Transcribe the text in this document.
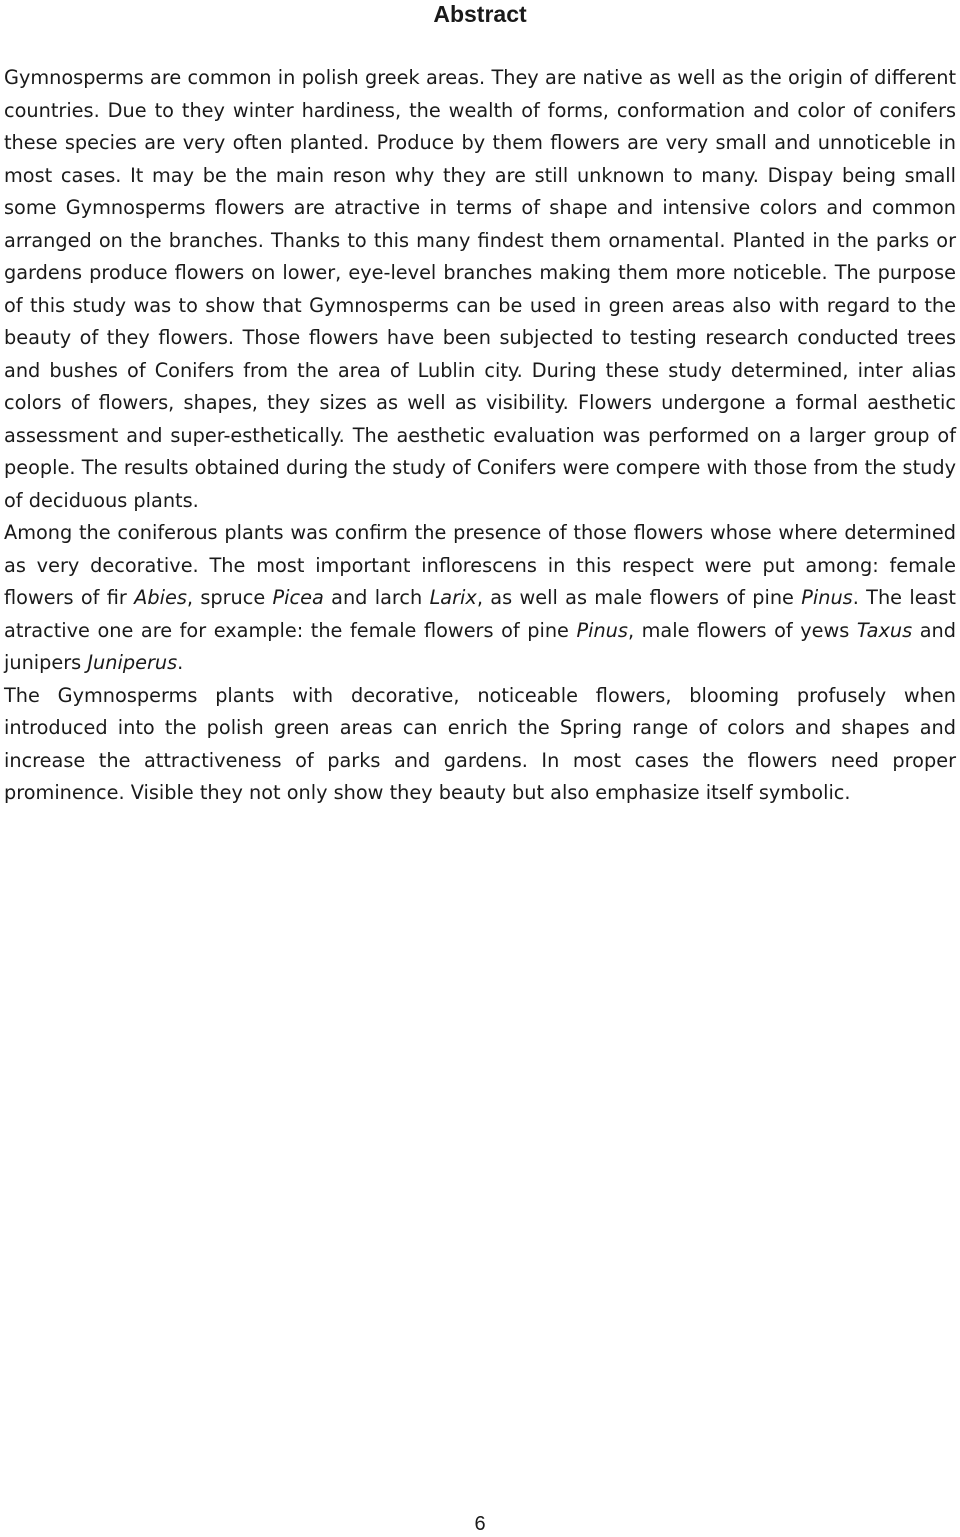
Abstract

Gymnosperms are common in polish greek areas. They are native as well as the origin of different countries. Due to they winter hardiness, the wealth of forms, conformation and color of conifers these species are very often planted. Produce by them flowers are very small and unnoticeble in most cases. It may be the main reson why they are still unknown to many. Dispay being small some Gymnosperms flowers are atractive in terms of shape and intensive colors and common arranged on the branches. Thanks to this many findest them ornamental. Planted in the parks or gardens produce flowers on lower, eye-level branches making them more noticeble. The purpose of this study was to show that Gymnosperms can be used in green areas also with regard to the beauty of they flowers. Those flowers have been subjected to testing research conducted trees and bushes of Conifers from the area of Lublin city. During these study determined, inter alias colors of flowers, shapes, they sizes as well as visibility. Flowers undergone a formal aesthetic assessment and super-esthetically. The aesthetic evaluation was performed on a larger group of people. The results obtained during the study of Conifers were compere with those from the study of deciduous plants.

Among the coniferous plants was confirm the presence of those flowers whose where determined as very decorative. The most important inflorescens in this respect were put among: female flowers of fir Abies, spruce Picea and larch Larix, as well as male flowers of pine Pinus. The least atractive one are for example: the female flowers of pine Pinus, male flowers of yews Taxus and junipers Juniperus.

The Gymnosperms plants with decorative, noticeable flowers, blooming profusely when introduced into the polish green areas can enrich the Spring range of colors and shapes and increase the attractiveness of parks and gardens. In most cases the flowers need proper prominence. Visible they not only show they beauty but also emphasize itself symbolic.

6
